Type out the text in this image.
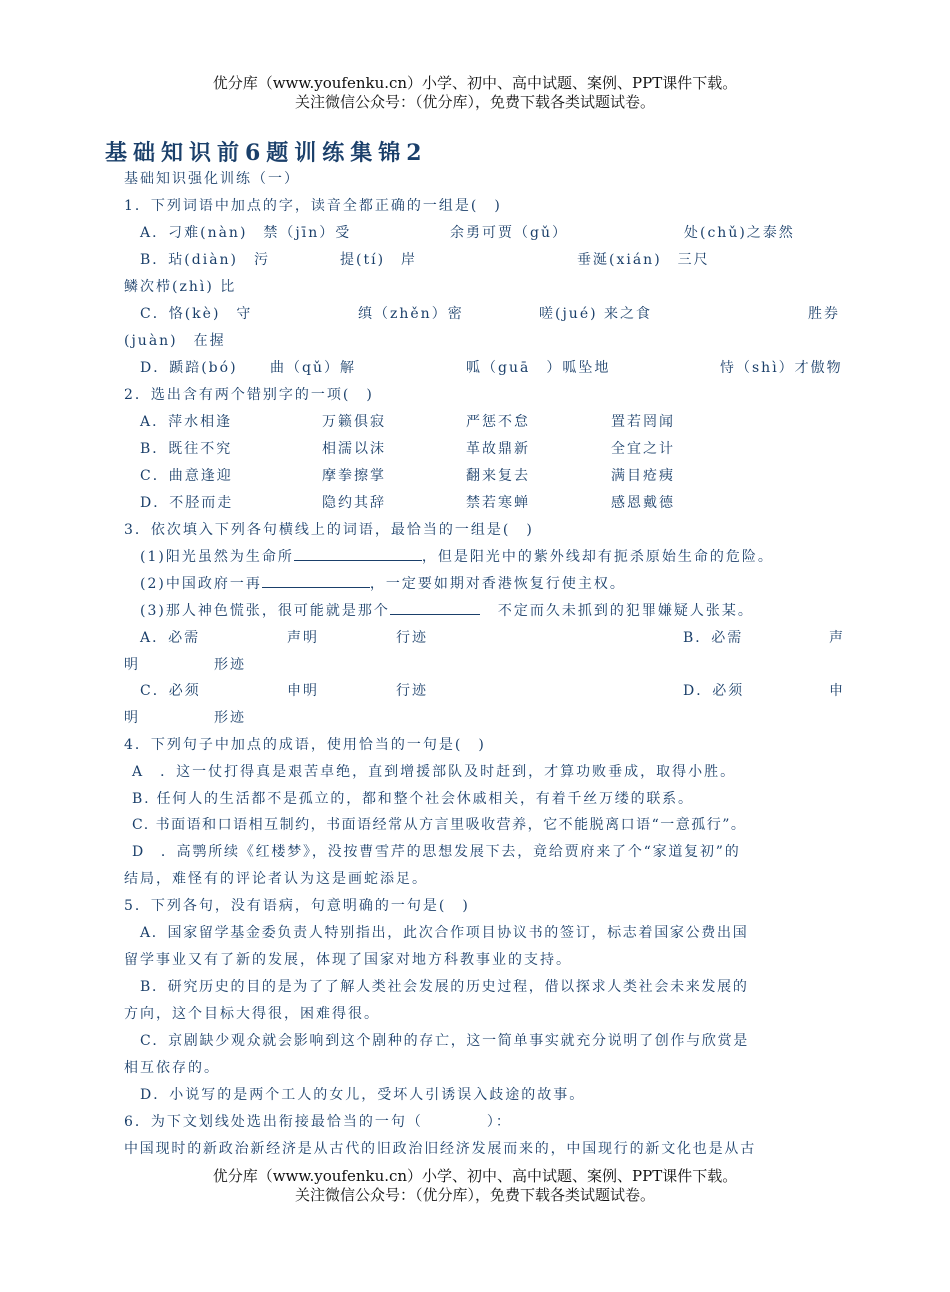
优分库（www.youfenku.cn）小学、初中、高中试题、案例、PPT课件下载。
关注微信公众号：（优分库），免费下载各类试题试卷。
基础知识前6题训练集锦2
基础知识强化训练（一）
1．下列词语中加点的字，读音全都正确的一组是(　)
A．刁难(nàn)　禁（jīn）受	余勇可贾（gǔ）	处(chǔ)之泰然
B．玷(diàn)　污	提(tí)　岸	垂涎(xián)　三尺
鳞次栉(zhì) 比
C．恪(kè)　守	缜（zhěn）密	嗟(jué) 来之食	胜券
(juàn)　在握
D．踬踣(bó) 曲（qǔ）解	呱（guā　）呱坠地	恃（shì）才傲物
2．选出含有两个错别字的一项(　)
A．萍水相逢	万籁俱寂	严惩不怠	置若罔闻
B．既往不究	相濡以沫	革故鼎新	全宜之计
C．曲意逢迎	摩拳擦掌	翻来复去	满目疮痍
D．不胫而走	隐约其辞	禁若寒蝉	感恩戴德
3．依次填入下列各句横线上的词语，最恰当的一组是(　)
(1)阳光虽然为生命所	，但是阳光中的紫外线却有扼杀原始生命的危险。
(2)中国政府一再	，一定要如期对香港恢复行使主权。
(3)那人神色慌张，很可能就是那个	不定而久未抓到的犯罪嫌疑人张某。
A．必需	声明	行迹	B．必需	声
明	形迹
C．必须	申明	行迹	D．必须	申
明	形迹
4．下列句子中加点的成语，使用恰当的一句是(　)
A　．这一仗打得真是艰苦卓绝，直到增援部队及时赶到，才算功败垂成，取得小胜。
B. 任何人的生活都不是孤立的，都和整个社会休戚相关，有着千丝万缕的联系。
C. 书面语和口语相互制约，书面语经常从方言里吸收营养，它不能脱离口语“一意孤行”。
D　．高鹗所续《红楼梦》，没按曹雪芹的思想发展下去，竟给贾府来了个“家道复初”的
结局，难怪有的评论者认为这是画蛇添足。
5．下列各句，没有语病，句意明确的一句是(　)
A．国家留学基金委负责人特别指出，此次合作项目协议书的签订，标志着国家公费出国
留学事业又有了新的发展，体现了国家对地方科教事业的支持。
B．研究历史的目的是为了了解人类社会发展的历史过程，借以探求人类社会未来发展的
方向，这个目标大得很，困难得很。
C．京剧缺少观众就会影响到这个剧种的存亡，这一简单事实就充分说明了创作与欣赏是
相互依存的。
D．小说写的是两个工人的女儿，受坏人引诱误入歧途的故事。
6．为下文划线处选出衔接最恰当的一句（　　　　）：
中国现时的新政治新经济是从古代的旧政治旧经济发展而来的，中国现行的新文化也是从古
优分库（www.youfenku.cn）小学、初中、高中试题、案例、PPT课件下载。
关注微信公众号：（优分库），免费下载各类试题试卷。
